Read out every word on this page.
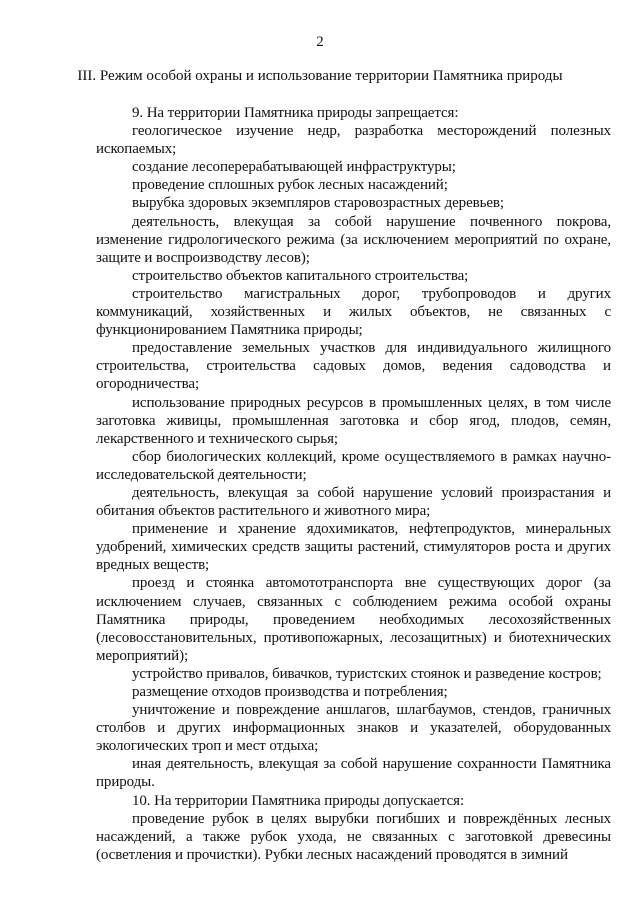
2
III. Режим особой охраны и использование территории Памятника природы

9. На территории Памятника природы запрещается:

геологическое изучение недр, разработка месторождений полезных ископаемых;

создание лесоперерабатывающей инфраструктуры;

проведение сплошных рубок лесных насаждений;

вырубка здоровых экземпляров старовозрастных деревьев;

деятельность, влекущая за собой нарушение почвенного покрова, изменение гидрологического режима (за исключением мероприятий по охране, защите и воспроизводству лесов);

строительство объектов капитального строительства;

строительство магистральных дорог, трубопроводов и других коммуникаций, хозяйственных и жилых объектов, не связанных с функционированием Памятника природы;

предоставление земельных участков для индивидуального жилищного строительства, строительства садовых домов, ведения садоводства и огородничества;

использование природных ресурсов в промышленных целях, в том числе заготовка живицы, промышленная заготовка и сбор ягод, плодов, семян, лекарственного и технического сырья;

сбор биологических коллекций, кроме осуществляемого в рамках научно-исследовательской деятельности;

деятельность, влекущая за собой нарушение условий произрастания и обитания объектов растительного и животного мира;

применение и хранение ядохимикатов, нефтепродуктов, минеральных удобрений, химических средств защиты растений, стимуляторов роста и других вредных веществ;

проезд и стоянка автомототранспорта вне существующих дорог (за исключением случаев, связанных с соблюдением режима особой охраны Памятника природы, проведением необходимых лесохозяйственных (лесовосстановительных, противопожарных, лесозащитных) и биотехнических мероприятий);

устройство привалов, бивачков, туристских стоянок и разведение костров;

размещение отходов производства и потребления;

уничтожение и повреждение аншлагов, шлагбаумов, стендов, граничных столбов и других информационных знаков и указателей, оборудованных экологических троп и мест отдыха;

иная деятельность, влекущая за собой нарушение сохранности Памятника природы.

10. На территории Памятника природы допускается:

проведение рубок в целях вырубки погибших и повреждённых лесных насаждений, а также рубок ухода, не связанных с заготовкой древесины (осветления и прочистки). Рубки лесных насаждений проводятся в зимний
